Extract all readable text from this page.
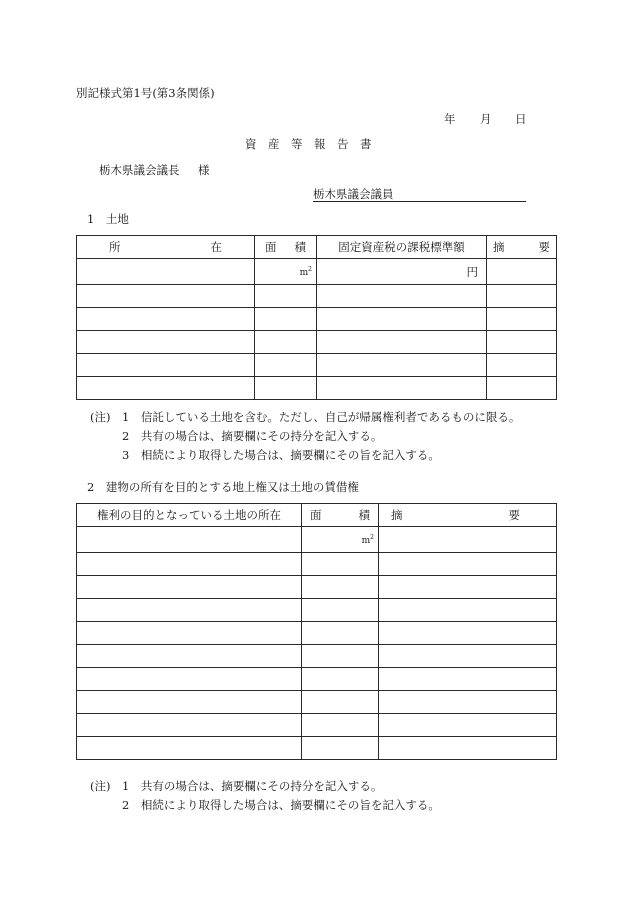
別記様式第1号(第3条関係)
年 月 日
資　産　等　報　告　書
栃木県議会議長 様
栃木県議会議員
1　土地
所 在	面 積	固定資産税の課税標準額	摘 要

	$m^2$	円	

(注) 1　信託している土地を含む。ただし、自己が帰属権利者であるものに限る。
2　共有の場合は、摘要欄にその持分を記入する。
3　相続により取得した場合は、摘要欄にその旨を記入する。
2　建物の所有を目的とする地上権又は土地の賃借権
権利の目的となっている土地の所在	面 積	摘 要

	$m^2$	

(注) 1　共有の場合は、摘要欄にその持分を記入する。
2　相続により取得した場合は、摘要欄にその旨を記入する。
